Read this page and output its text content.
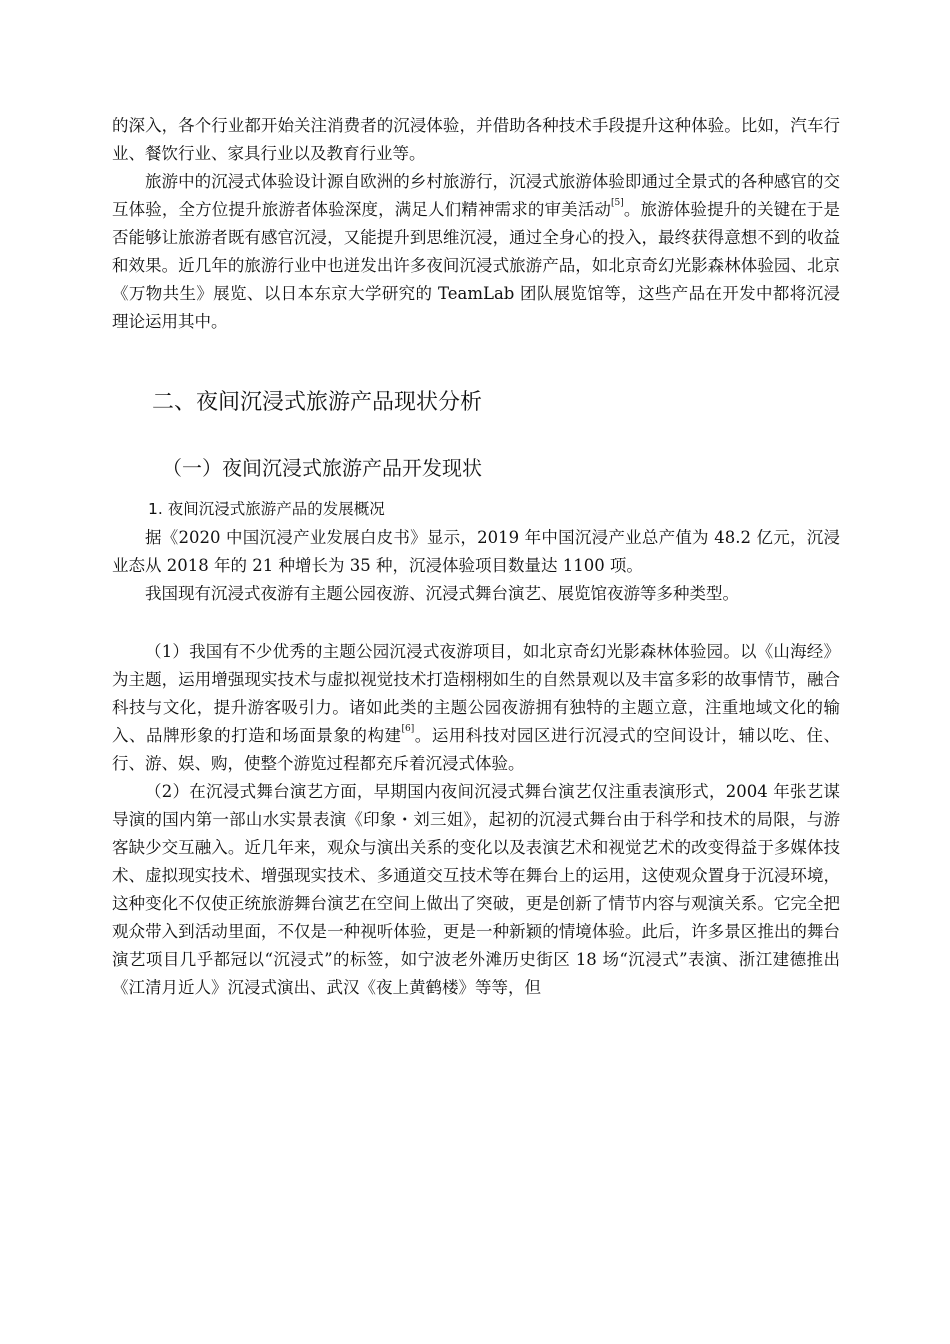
的深入，各个行业都开始关注消费者的沉浸体验，并借助各种技术手段提升这种体验。比如，汽车行业、餐饮行业、家具行业以及教育行业等。

旅游中的沉浸式体验设计源自欧洲的乡村旅游行，沉浸式旅游体验即通过全景式的各种感官的交互体验，全方位提升旅游者体验深度，满足人们精神需求的审美活动[5]。旅游体验提升的关键在于是否能够让旅游者既有感官沉浸，又能提升到思维沉浸，通过全身心的投入，最终获得意想不到的收益和效果。近几年的旅游行业中也迸发出许多夜间沉浸式旅游产品，如北京奇幻光影森林体验园、北京《万物共生》展览、以日本东京大学研究的 TeamLab 团队展览馆等，这些产品在开发中都将沉浸理论运用其中。

二、夜间沉浸式旅游产品现状分析
（一）夜间沉浸式旅游产品开发现状
1. 夜间沉浸式旅游产品的发展概况

据《2020 中国沉浸产业发展白皮书》显示，2019 年中国沉浸产业总产值为 48.2 亿元，沉浸业态从 2018 年的 21 种增长为 35 种，沉浸体验项目数量达 1100 项。

我国现有沉浸式夜游有主题公园夜游、沉浸式舞台演艺、展览馆夜游等多种类型。

（1）我国有不少优秀的主题公园沉浸式夜游项目，如北京奇幻光影森林体验园。以《山海经》为主题，运用增强现实技术与虚拟视觉技术打造栩栩如生的自然景观以及丰富多彩的故事情节，融合科技与文化，提升游客吸引力。诸如此类的主题公园夜游拥有独特的主题立意，注重地域文化的输入、品牌形象的打造和场面景象的构建[6]。运用科技对园区进行沉浸式的空间设计，辅以吃、住、行、游、娱、购，使整个游览过程都充斥着沉浸式体验。

（2）在沉浸式舞台演艺方面，早期国内夜间沉浸式舞台演艺仅注重表演形式，2004 年张艺谋导演的国内第一部山水实景表演《印象・刘三姐》，起初的沉浸式舞台由于科学和技术的局限，与游客缺少交互融入。近几年来，观众与演出关系的变化以及表演艺术和视觉艺术的改变得益于多媒体技术、虚拟现实技术、增强现实技术、多通道交互技术等在舞台上的运用，这使观众置身于沉浸环境，这种变化不仅使正统旅游舞台演艺在空间上做出了突破，更是创新了情节内容与观演关系。它完全把观众带入到活动里面，不仅是一种视听体验，更是一种新颖的情境体验。此后，许多景区推出的舞台演艺项目几乎都冠以“沉浸式”的标签，如宁波老外滩历史街区 18 场“沉浸式”表演、浙江建德推出《江清月近人》沉浸式演出、武汉《夜上黄鹤楼》等等，但
